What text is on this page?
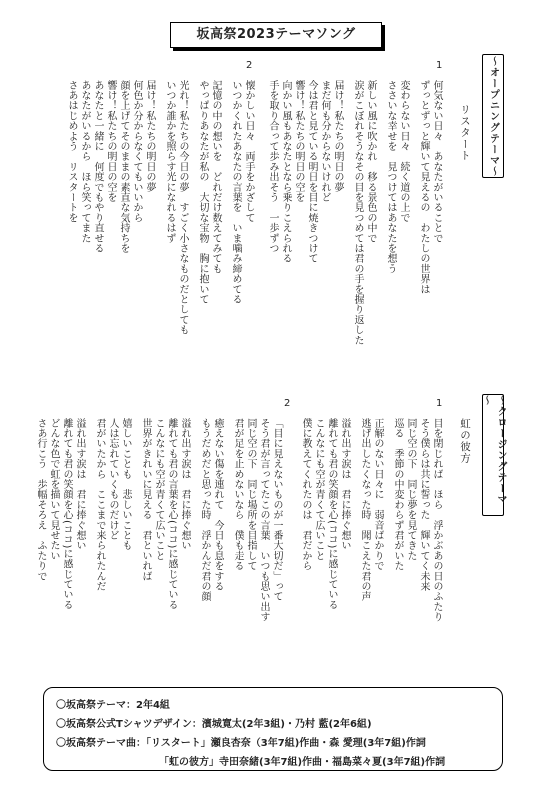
坂高祭2023テーマソング
～オープニングテーマ～
リスタート
1
何気ない日々　あなたがいることで
ずっとずっと輝いて見えるの　わたしの世界は
変わらない日々　続く道の上で
ささいな幸せを　見つけてはあなたを想う
新しい風に吹かれ　移る景色の中で
涙がこぼれそうなその目を見つめては君の手を握り返した
届け！私たちの明日の夢
まだ何も分からないけれど
今は君と見ている明日を目に焼きつけて
響け！私たちの明日の空を
向かい風もあなたとなら乗りこえられる
手を取り合って歩み出そう　一歩ずつ
2
懐かしい日々　両手をかざして
いつかくれたあなたの言葉を　いま噛み締めてる
記憶の中の想いを　どれだけ数えてみても
やっぱりあなたが私の　大切な宝物　胸に抱いて
光れ！私たちの今日の夢　すごく小さなものだとしても
いつか誰かを照らす光になれるはず
届け！私たちの明日の夢
何色か分からなくてもいいから
顔を上げてそのままの素直な気持ちを
響け！私たちの明日の空を
あなたと一緒に　何度でもやり直せる
あなたがいるから　ほら笑ってまた
さあはじめよう　リスタートを
～クロージングテーマ～
虹の彼方
1
目を閉じれば　ほら　浮かぶあの日のふたり
そう僕らは共に誓った　輝いてく未来
同じ空の下　同じ夢を見てきた
巡る　季節の中変わらず君がいた
正解のない日々に　弱音ばかりで
逃げ出したくなった時　聞こえた君の声
溢れ出す涙は　君に捧ぐ想い
離れても君の笑顔を心(ココ)に感じている
こんなにも空が青くて広いこと
僕に教えてくれたのは　君だから
2
「目に見えないものが一番大切だ」って
そう君が言ってたこの言葉　いつも思い出す
同じ空の下　同じ場所を目指して
君が足を止めないなら　僕も走る
癒えない傷を連れて　今日も息をする
もうだめだと思った時　浮かんだ君の顔
溢れ出す涙は　君に捧ぐ想い
離れても君の言葉を心(ココ)に感じている
こんなにも空が青くて広いこと
世界がきれいに見える　君といれば
嬉しいことも　悲しいことも
人は忘れていくものだけど
君がいたから　ここまで来られたんだ
溢れ出す涙は　君に捧ぐ想い
離れても君の笑顔を心(ココ)に感じている
どんな色で虹を描いて見せたい
さあ行こう　歩幅そろえ　ふたりで
〇坂高祭テーマ：2年4組
〇坂高祭公式Tシャツデザイン：濱城寛太(2年3組)・乃村 藍(2年6組)
〇坂高祭テーマ曲：「リスタート」瀬良杏奈（3年7組)作曲・森 愛理(3年7組)作詞
「虹の彼方」寺田奈緒(3年7組)作曲・福島菜々夏(3年7組)作詞
